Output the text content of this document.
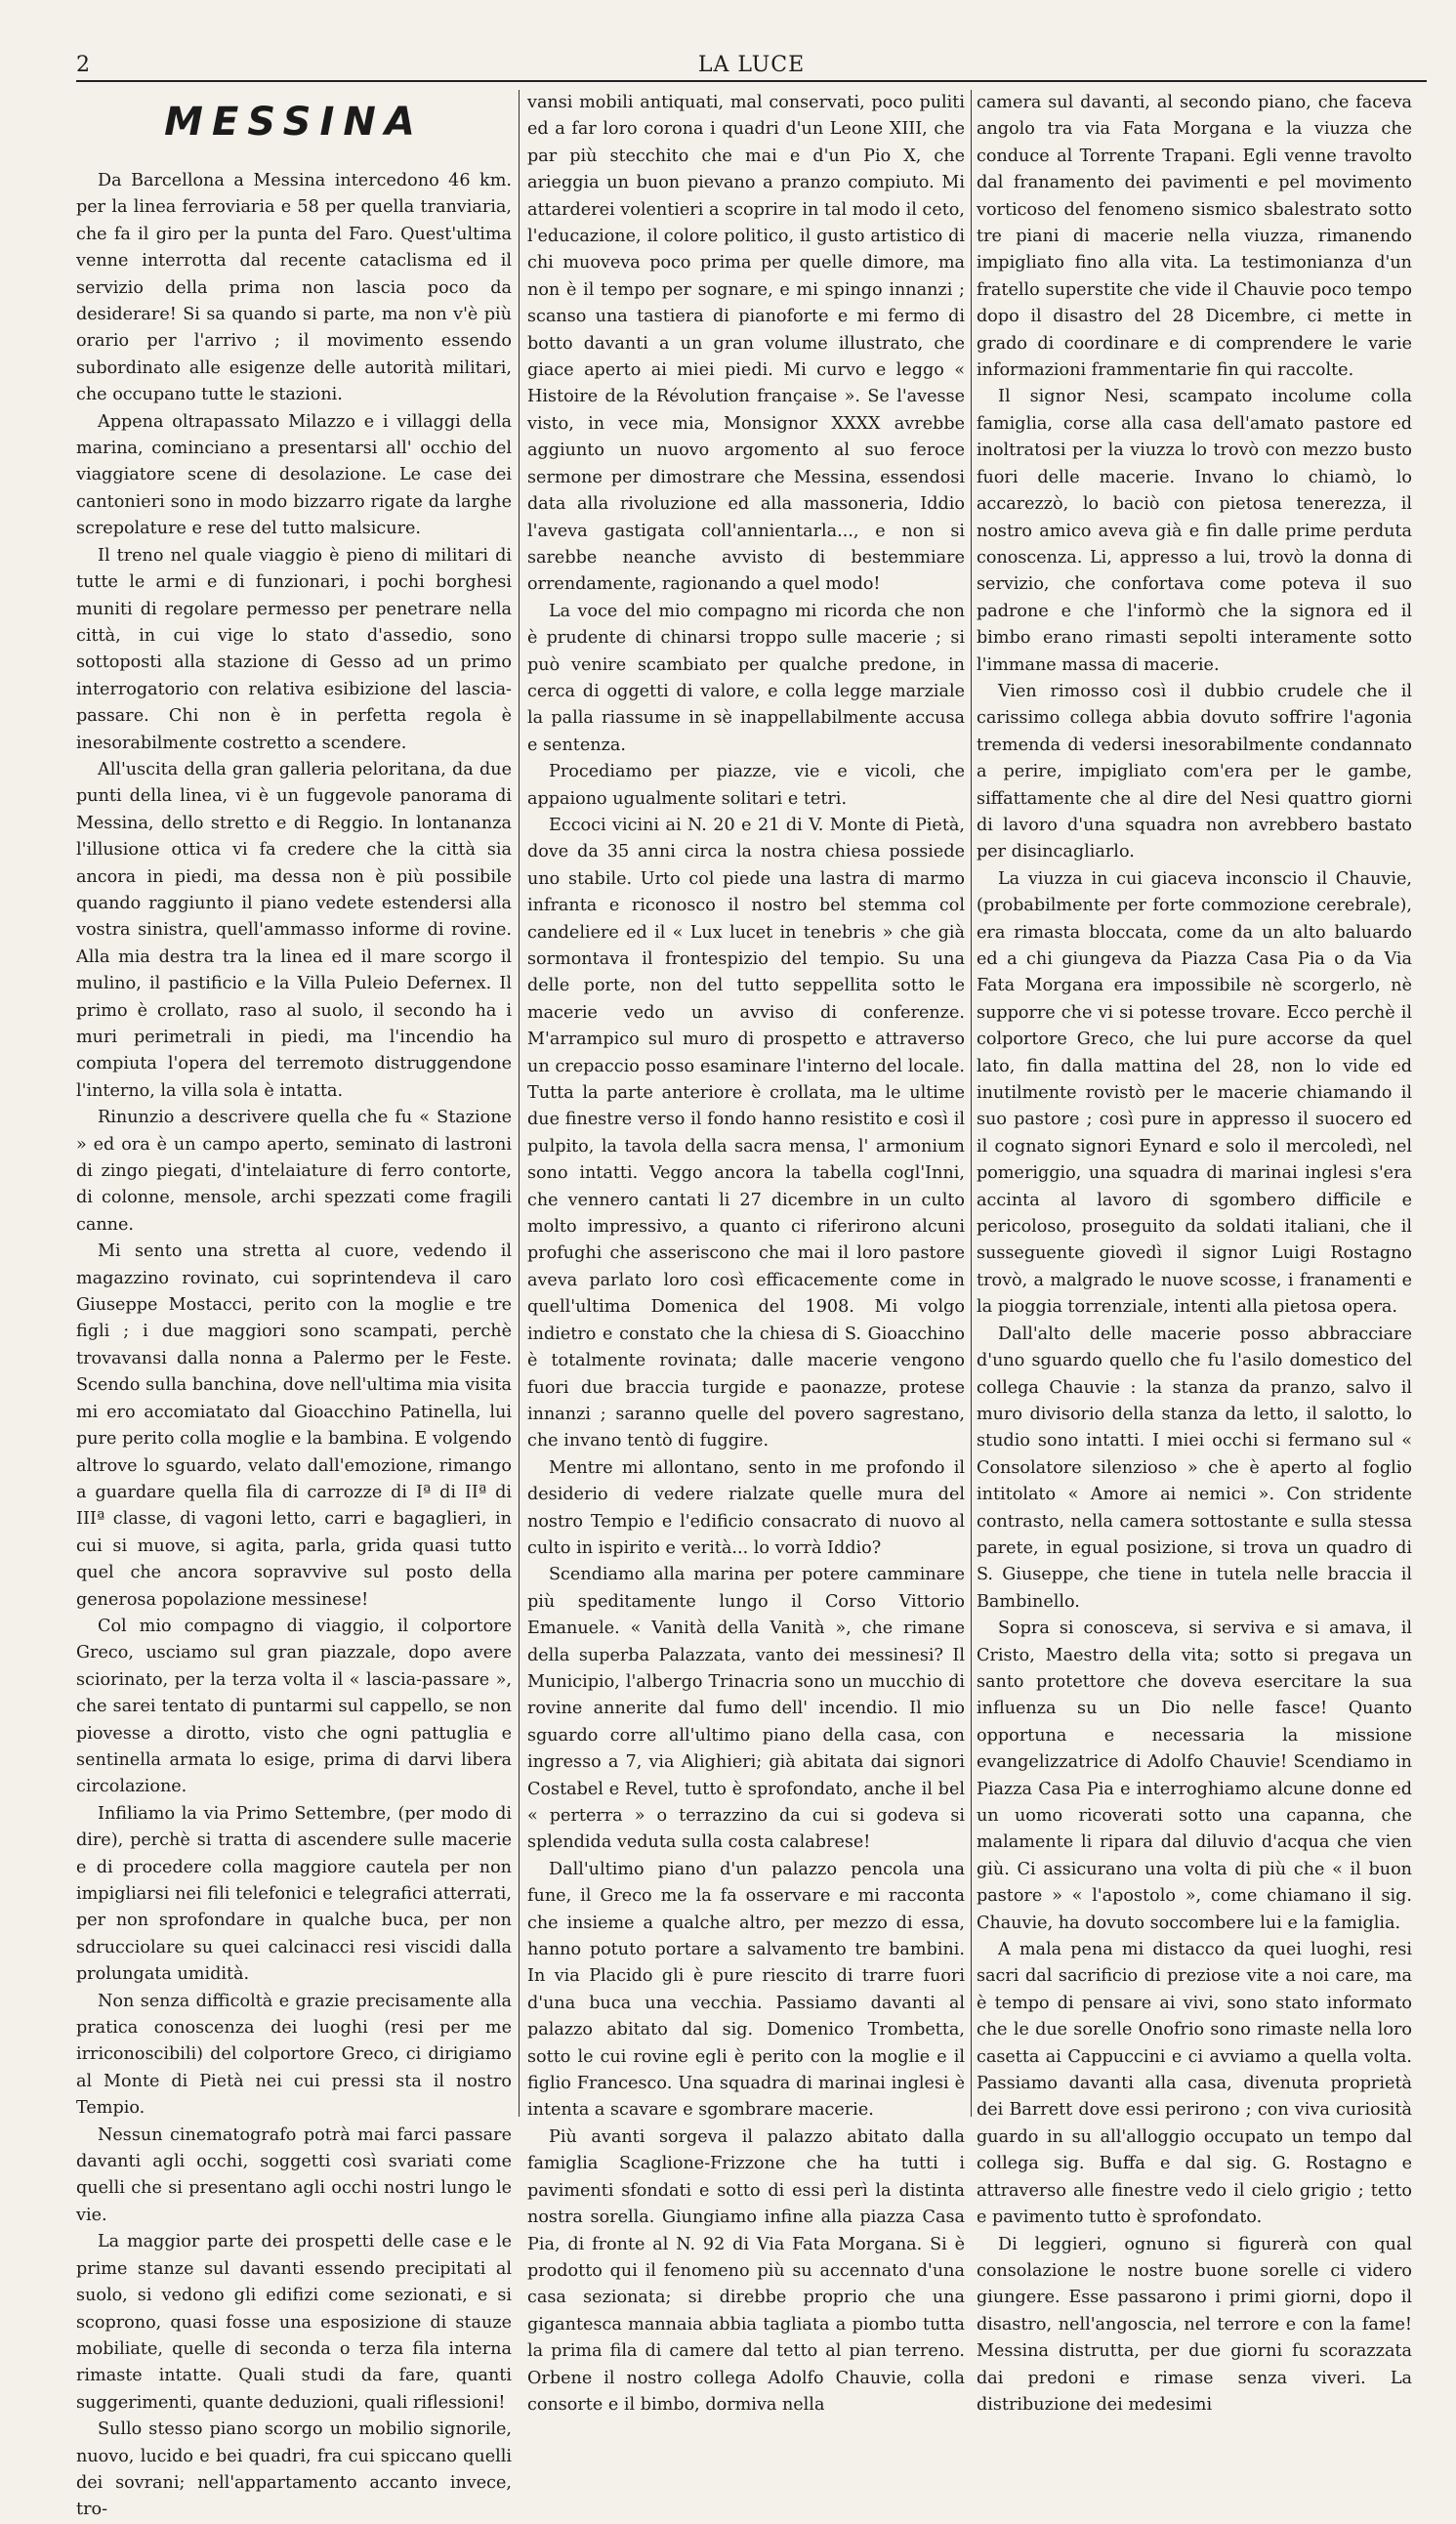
2	LA LUCE
MESSINA

Da Barcellona a Messina intercedono 46 km. per la linea ferroviaria e 58 per quella tranviaria, che fa il giro per la punta del Faro. Quest'ultima venne interrotta dal recente cataclisma ed il servizio della prima non lascia poco da desiderare! Si sa quando si parte, ma non v'è più orario per l'arrivo ; il movimento essendo subordinato alle esigenze delle autorità militari, che occupano tutte le stazioni.

Appena oltrapassato Milazzo e i villaggi della marina, cominciano a presentarsi all' occhio del viaggiatore scene di desolazione. Le case dei cantonieri sono in modo bizzarro rigate da larghe screpolature e rese del tutto malsicure.

Il treno nel quale viaggio è pieno di militari di tutte le armi e di funzionari, i pochi borghesi muniti di regolare permesso per penetrare nella città, in cui vige lo stato d'assedio, sono sottoposti alla stazione di Gesso ad un primo interrogatorio con relativa esibizione del lascia-passare. Chi non è in perfetta regola è inesorabilmente costretto a scendere.

All'uscita della gran galleria peloritana, da due punti della linea, vi è un fuggevole panorama di Messina, dello stretto e di Reggio. In lontananza l'illusione ottica vi fa credere che la città sia ancora in piedi, ma dessa non è più possibile quando raggiunto il piano vedete estendersi alla vostra sinistra, quell'ammasso informe di rovine. Alla mia destra tra la linea ed il mare scorgo il mulino, il pastificio e la Villa Puleio Defernex. Il primo è crollato, raso al suolo, il secondo ha i muri perimetrali in piedi, ma l'incendio ha compiuta l'opera del terremoto distruggendone l'interno, la villa sola è intatta.

Rinunzio a descrivere quella che fu « Stazione » ed ora è un campo aperto, seminato di lastroni di zingo piegati, d'intelaiature di ferro contorte, di colonne, mensole, archi spezzati come fragili canne.

Mi sento una stretta al cuore, vedendo il magazzino rovinato, cui soprintendeva il caro Giuseppe Mostacci, perito con la moglie e tre figli ; i due maggiori sono scampati, perchè trovavansi dalla nonna a Palermo per le Feste. Scendo sulla banchina, dove nell'ultima mia visita mi ero accomiatato dal Gioacchino Patinella, lui pure perito colla moglie e la bambina. E volgendo altrove lo sguardo, velato dall'emozione, rimango a guardare quella fila di carrozze di Iª di IIª di IIIª classe, di vagoni letto, carri e bagaglieri, in cui si muove, si agita, parla, grida quasi tutto quel che ancora sopravvive sul posto della generosa popolazione messinese!

Col mio compagno di viaggio, il colportore Greco, usciamo sul gran piazzale, dopo avere sciorinato, per la terza volta il « lascia-passare », che sarei tentato di puntarmi sul cappello, se non piovesse a dirotto, visto che ogni pattuglia e sentinella armata lo esige, prima di darvi libera circolazione.

Infiliamo la via Primo Settembre, (per modo di dire), perchè si tratta di ascendere sulle macerie e di procedere colla maggiore cautela per non impigliarsi nei fili telefonici e telegrafici atterrati, per non sprofondare in qualche buca, per non sdrucciolare su quei calcinacci resi viscidi dalla prolungata umidità.

Non senza difficoltà e grazie precisamente alla pratica conoscenza dei luoghi (resi per me irriconoscibili) del colportore Greco, ci dirigiamo al Monte di Pietà nei cui pressi sta il nostro Tempio.

Nessun cinematografo potrà mai farci passare davanti agli occhi, soggetti così svariati come quelli che si presentano agli occhi nostri lungo le vie.

La maggior parte dei prospetti delle case e le prime stanze sul davanti essendo precipitati al suolo, si vedono gli edifizi come sezionati, e si scoprono, quasi fosse una esposizione di stauze mobiliate, quelle di seconda o terza fila interna rimaste intatte. Quali studi da fare, quanti suggerimenti, quante deduzioni, quali riflessioni!

Sullo stesso piano scorgo un mobilio signorile, nuovo, lucido e bei quadri, fra cui spiccano quelli dei sovrani; nell'appartamento accanto invece, tro-

vansi mobili antiquati, mal conservati, poco puliti ed a far loro corona i quadri d'un Leone XIII, che par più stecchito che mai e d'un Pio X, che arieggia un buon pievano a pranzo compiuto. Mi attarderei volentieri a scoprire in tal modo il ceto, l'educazione, il colore politico, il gusto artistico di chi muoveva poco prima per quelle dimore, ma non è il tempo per sognare, e mi spingo innanzi ; scanso una tastiera di pianoforte e mi fermo di botto davanti a un gran volume illustrato, che giace aperto ai miei piedi. Mi curvo e leggo « Histoire de la Révolution française ». Se l'avesse visto, in vece mia, Monsignor XXXX avrebbe aggiunto un nuovo argomento al suo feroce sermone per dimostrare che Messina, essendosi data alla rivoluzione ed alla massoneria, Iddio l'aveva gastigata coll'annientarla..., e non si sarebbe neanche avvisto di bestemmiare orrendamente, ragionando a quel modo!

La voce del mio compagno mi ricorda che non è prudente di chinarsi troppo sulle macerie ; si può venire scambiato per qualche predone, in cerca di oggetti di valore, e colla legge marziale la palla riassume in sè inappellabilmente accusa e sentenza.

Procediamo per piazze, vie e vicoli, che appaiono ugualmente solitari e tetri.

Eccoci vicini ai N. 20 e 21 di V. Monte di Pietà, dove da 35 anni circa la nostra chiesa possiede uno stabile. Urto col piede una lastra di marmo infranta e riconosco il nostro bel stemma col candeliere ed il « Lux lucet in tenebris » che già sormontava il frontespizio del tempio. Su una delle porte, non del tutto seppellita sotto le macerie vedo un avviso di conferenze. M'arrampico sul muro di prospetto e attraverso un crepaccio posso esaminare l'interno del locale. Tutta la parte anteriore è crollata, ma le ultime due finestre verso il fondo hanno resistito e così il pulpito, la tavola della sacra mensa, l' armonium sono intatti. Veggo ancora la tabella cogl'Inni, che vennero cantati li 27 dicembre in un culto molto impressivo, a quanto ci riferirono alcuni profughi che asseriscono che mai il loro pastore aveva parlato loro così efficacemente come in quell'ultima Domenica del 1908. Mi volgo indietro e constato che la chiesa di S. Gioacchino è totalmente rovinata; dalle macerie vengono fuori due braccia turgide e paonazze, protese innanzi ; saranno quelle del povero sagrestano, che invano tentò di fuggire.

Mentre mi allontano, sento in me profondo il desiderio di vedere rialzate quelle mura del nostro Tempio e l'edificio consacrato di nuovo al culto in ispirito e verità... lo vorrà Iddio?

Scendiamo alla marina per potere camminare più speditamente lungo il Corso Vittorio Emanuele. « Vanità della Vanità », che rimane della superba Palazzata, vanto dei messinesi? Il Municipio, l'albergo Trinacria sono un mucchio di rovine annerite dal fumo dell' incendio. Il mio sguardo corre all'ultimo piano della casa, con ingresso a 7, via Alighieri; già abitata dai signori Costabel e Revel, tutto è sprofondato, anche il bel « perterra » o terrazzino da cui si godeva si splendida veduta sulla costa calabrese!

Dall'ultimo piano d'un palazzo pencola una fune, il Greco me la fa osservare e mi racconta che insieme a qualche altro, per mezzo di essa, hanno potuto portare a salvamento tre bambini. In via Placido gli è pure riescito di trarre fuori d'una buca una vecchia. Passiamo davanti al palazzo abitato dal sig. Domenico Trombetta, sotto le cui rovine egli è perito con la moglie e il figlio Francesco. Una squadra di marinai inglesi è intenta a scavare e sgombrare macerie.

Più avanti sorgeva il palazzo abitato dalla famiglia Scaglione-Frizzone che ha tutti i pavimenti sfondati e sotto di essi perì la distinta nostra sorella. Giungiamo infine alla piazza Casa Pia, di fronte al N. 92 di Via Fata Morgana. Si è prodotto qui il fenomeno più su accennato d'una casa sezionata; si direbbe proprio che una gigantesca mannaia abbia tagliata a piombo tutta la prima fila di camere dal tetto al pian terreno. Orbene il nostro collega Adolfo Chauvie, colla consorte e il bimbo, dormiva nella

camera sul davanti, al secondo piano, che faceva angolo tra via Fata Morgana e la viuzza che conduce al Torrente Trapani. Egli venne travolto dal franamento dei pavimenti e pel movimento vorticoso del fenomeno sismico sbalestrato sotto tre piani di macerie nella viuzza, rimanendo impigliato fino alla vita. La testimonianza d'un fratello superstite che vide il Chauvie poco tempo dopo il disastro del 28 Dicembre, ci mette in grado di coordinare e di comprendere le varie informazioni frammentarie fin qui raccolte.

Il signor Nesi, scampato incolume colla famiglia, corse alla casa dell'amato pastore ed inoltratosi per la viuzza lo trovò con mezzo busto fuori delle macerie. Invano lo chiamò, lo accarezzò, lo baciò con pietosa tenerezza, il nostro amico aveva già e fin dalle prime perduta conoscenza. Li, appresso a lui, trovò la donna di servizio, che confortava come poteva il suo padrone e che l'informò che la signora ed il bimbo erano rimasti sepolti interamente sotto l'immane massa di macerie.

Vien rimosso così il dubbio crudele che il carissimo collega abbia dovuto soffrire l'agonia tremenda di vedersi inesorabilmente condannato a perire, impigliato com'era per le gambe, siffattamente che al dire del Nesi quattro giorni di lavoro d'una squadra non avrebbero bastato per disincagliarlo.

La viuzza in cui giaceva inconscio il Chauvie, (probabilmente per forte commozione cerebrale), era rimasta bloccata, come da un alto baluardo ed a chi giungeva da Piazza Casa Pia o da Via Fata Morgana era impossibile nè scorgerlo, nè supporre che vi si potesse trovare. Ecco perchè il colportore Greco, che lui pure accorse da quel lato, fin dalla mattina del 28, non lo vide ed inutilmente rovistò per le macerie chiamando il suo pastore ; così pure in appresso il suocero ed il cognato signori Eynard e solo il mercoledì, nel pomeriggio, una squadra di marinai inglesi s'era accinta al lavoro di sgombero difficile e pericoloso, proseguito da soldati italiani, che il susseguente giovedì il signor Luigi Rostagno trovò, a malgrado le nuove scosse, i franamenti e la pioggia torrenziale, intenti alla pietosa opera.

Dall'alto delle macerie posso abbracciare d'uno sguardo quello che fu l'asilo domestico del collega Chauvie : la stanza da pranzo, salvo il muro divisorio della stanza da letto, il salotto, lo studio sono intatti. I miei occhi si fermano sul « Consolatore silenzioso » che è aperto al foglio intitolato « Amore ai nemici ». Con stridente contrasto, nella camera sottostante e sulla stessa parete, in egual posizione, si trova un quadro di S. Giuseppe, che tiene in tutela nelle braccia il Bambinello.

Sopra si conosceva, si serviva e si amava, il Cristo, Maestro della vita; sotto si pregava un santo protettore che doveva esercitare la sua influenza su un Dio nelle fasce! Quanto opportuna e necessaria la missione evangelizzatrice di Adolfo Chauvie! Scendiamo in Piazza Casa Pia e interroghiamo alcune donne ed un uomo ricoverati sotto una capanna, che malamente li ripara dal diluvio d'acqua che vien giù. Ci assicurano una volta di più che « il buon pastore » « l'apostolo », come chiamano il sig. Chauvie, ha dovuto soccombere lui e la famiglia.

A mala pena mi distacco da quei luoghi, resi sacri dal sacrificio di preziose vite a noi care, ma è tempo di pensare ai vivi, sono stato informato che le due sorelle Onofrio sono rimaste nella loro casetta ai Cappuccini e ci avviamo a quella volta. Passiamo davanti alla casa, divenuta proprietà dei Barrett dove essi perirono ; con viva curiosità guardo in su all'alloggio occupato un tempo dal collega sig. Buffa e dal sig. G. Rostagno e attraverso alle finestre vedo il cielo grigio ; tetto e pavimento tutto è sprofondato.

Di leggieri, ognuno si figurerà con qual consolazione le nostre buone sorelle ci videro giungere. Esse passarono i primi giorni, dopo il disastro, nell'angoscia, nel terrore e con la fame! Messina distrutta, per due giorni fu scorazzata dai predoni e rimase senza viveri. La distribuzione dei medesimi
